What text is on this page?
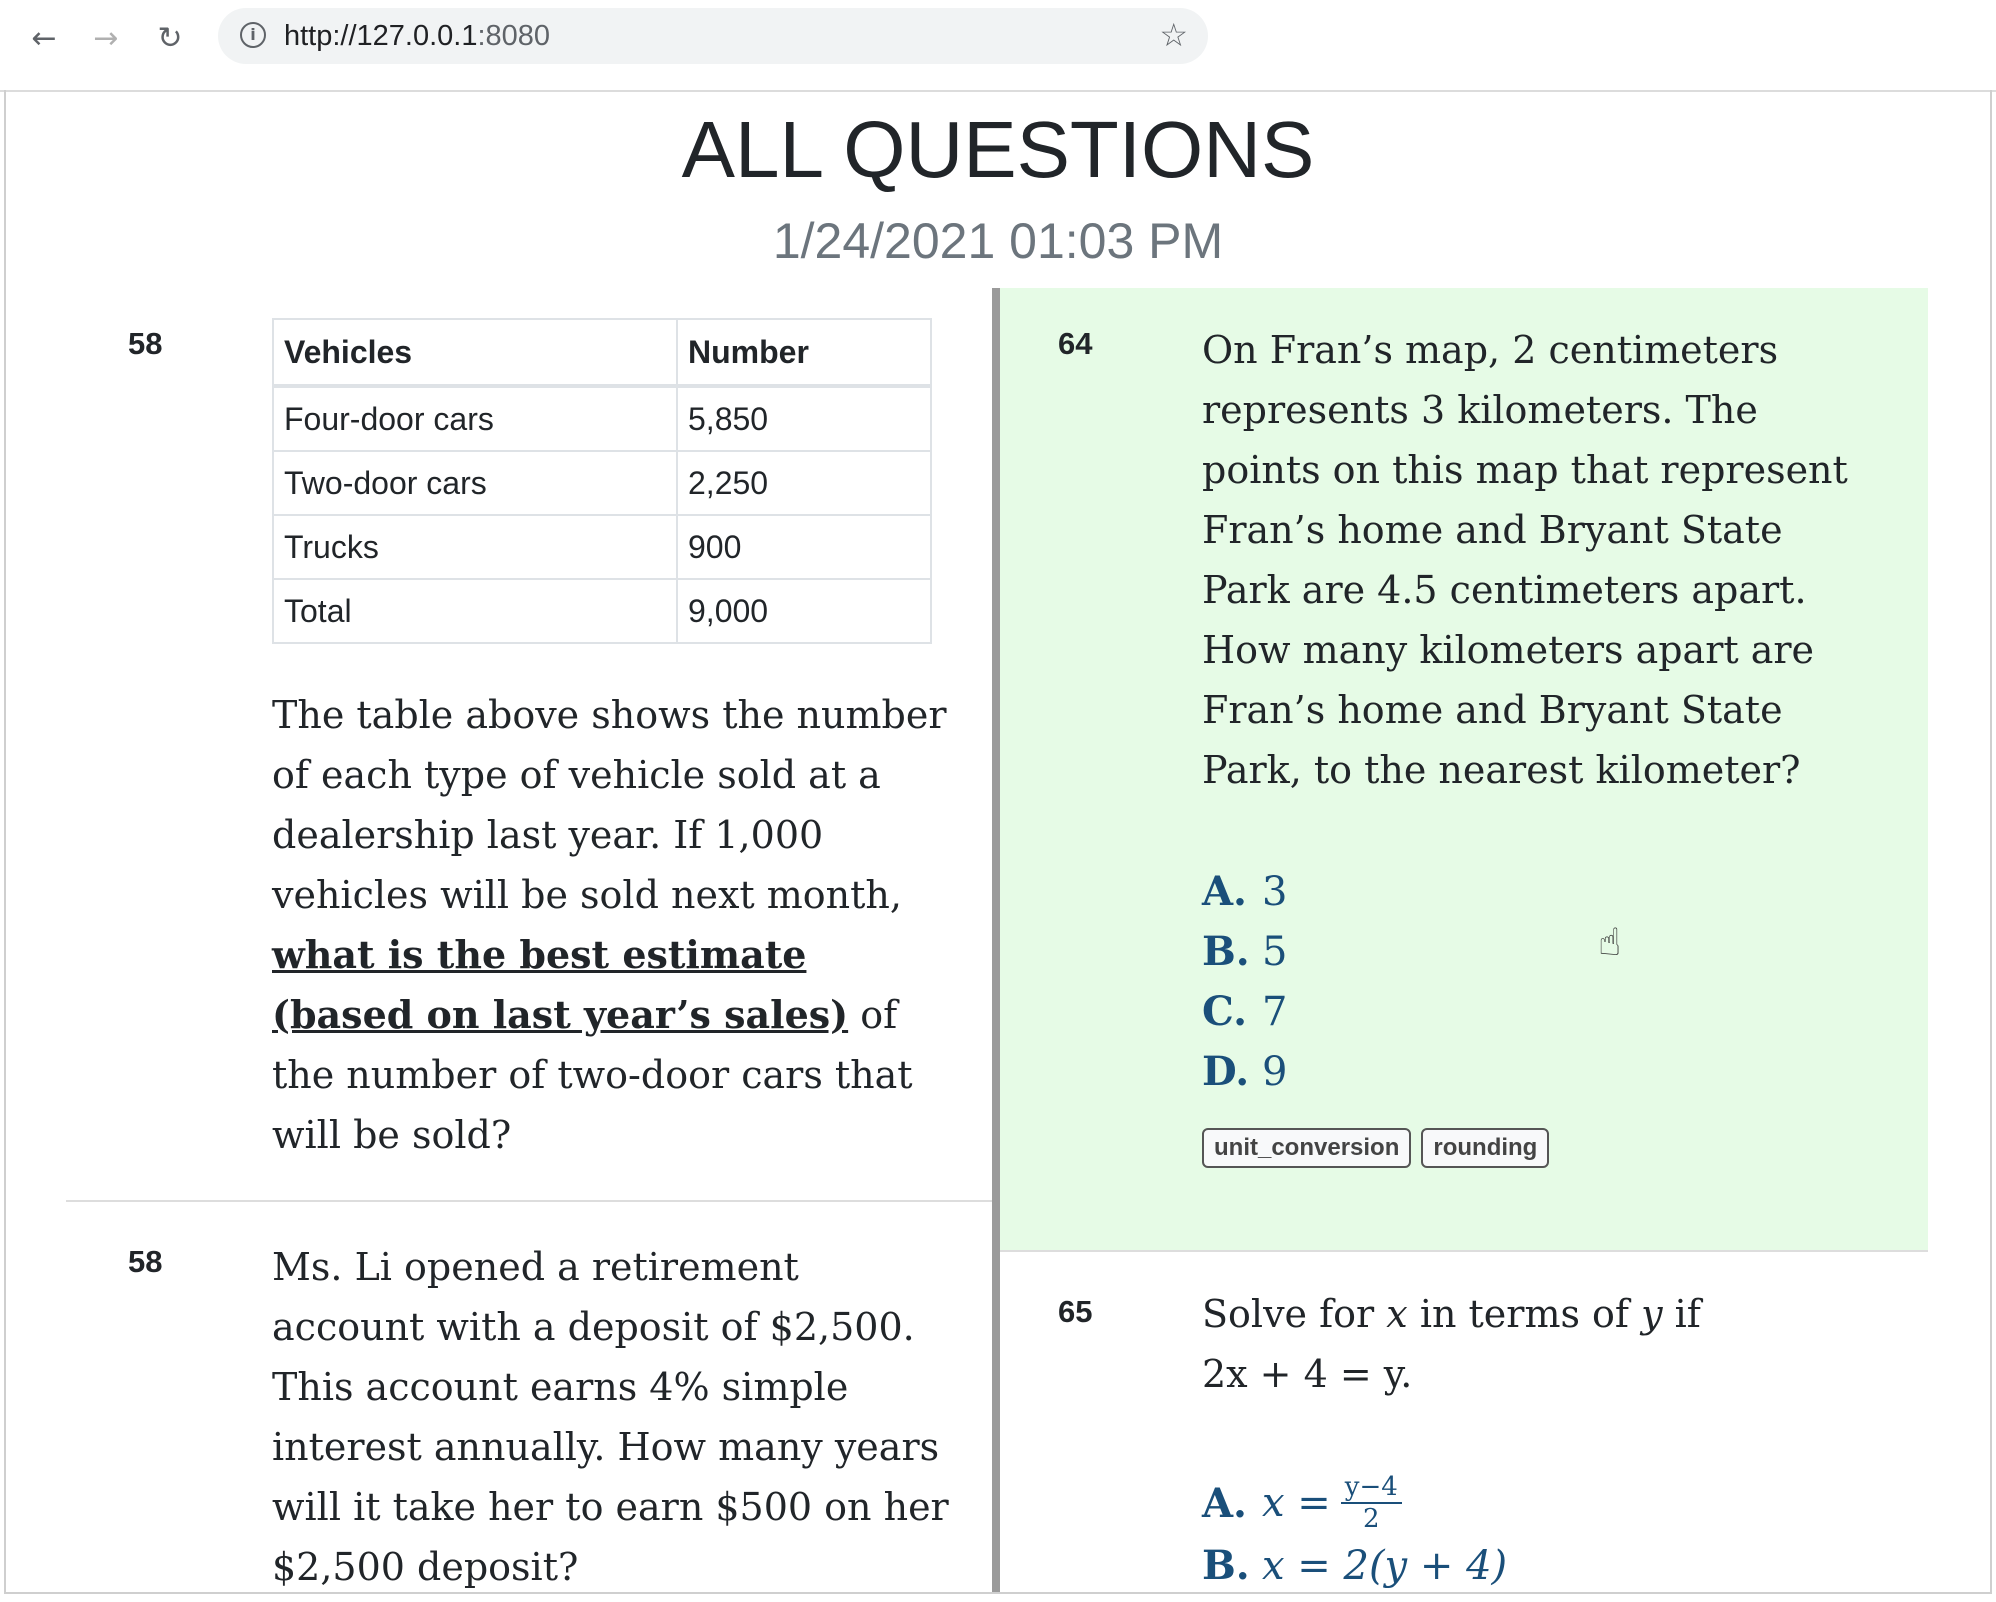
← → ↻	i http://127.0.0.1:8080	☆
ALL QUESTIONS
1/24/2021 01:03 PM
58	Vehicles	Number
Four-door cars	5,850
Two-door cars	2,250
Trucks	900
Total	9,000
The table above shows the number of each type of vehicle sold at a dealership last year. If 1,000 vehicles will be sold next month, what is the best estimate (based on last year’s sales) of the number of two-door cars that will be sold?
58	Ms. Li opened a retirement account with a deposit of $2,500. This account earns 4% simple interest annually. How many years will it take her to earn $500 on her $2,500 deposit?
64	On Fran’s map, 2 centimeters represents 3 kilometers. The points on this map that represent Fran’s home and Bryant State Park are 4.5 centimeters apart. How many kilometers apart are Fran’s home and Bryant State Park, to the nearest kilometer?
A. 3
B. 5
C. 7
D. 9
unit_conversion	rounding
☝
65	Solve for x in terms of y if
2x + 4 = y.
A. $x = \frac{y-4}{2}$
B. x = 2(y + 4)
